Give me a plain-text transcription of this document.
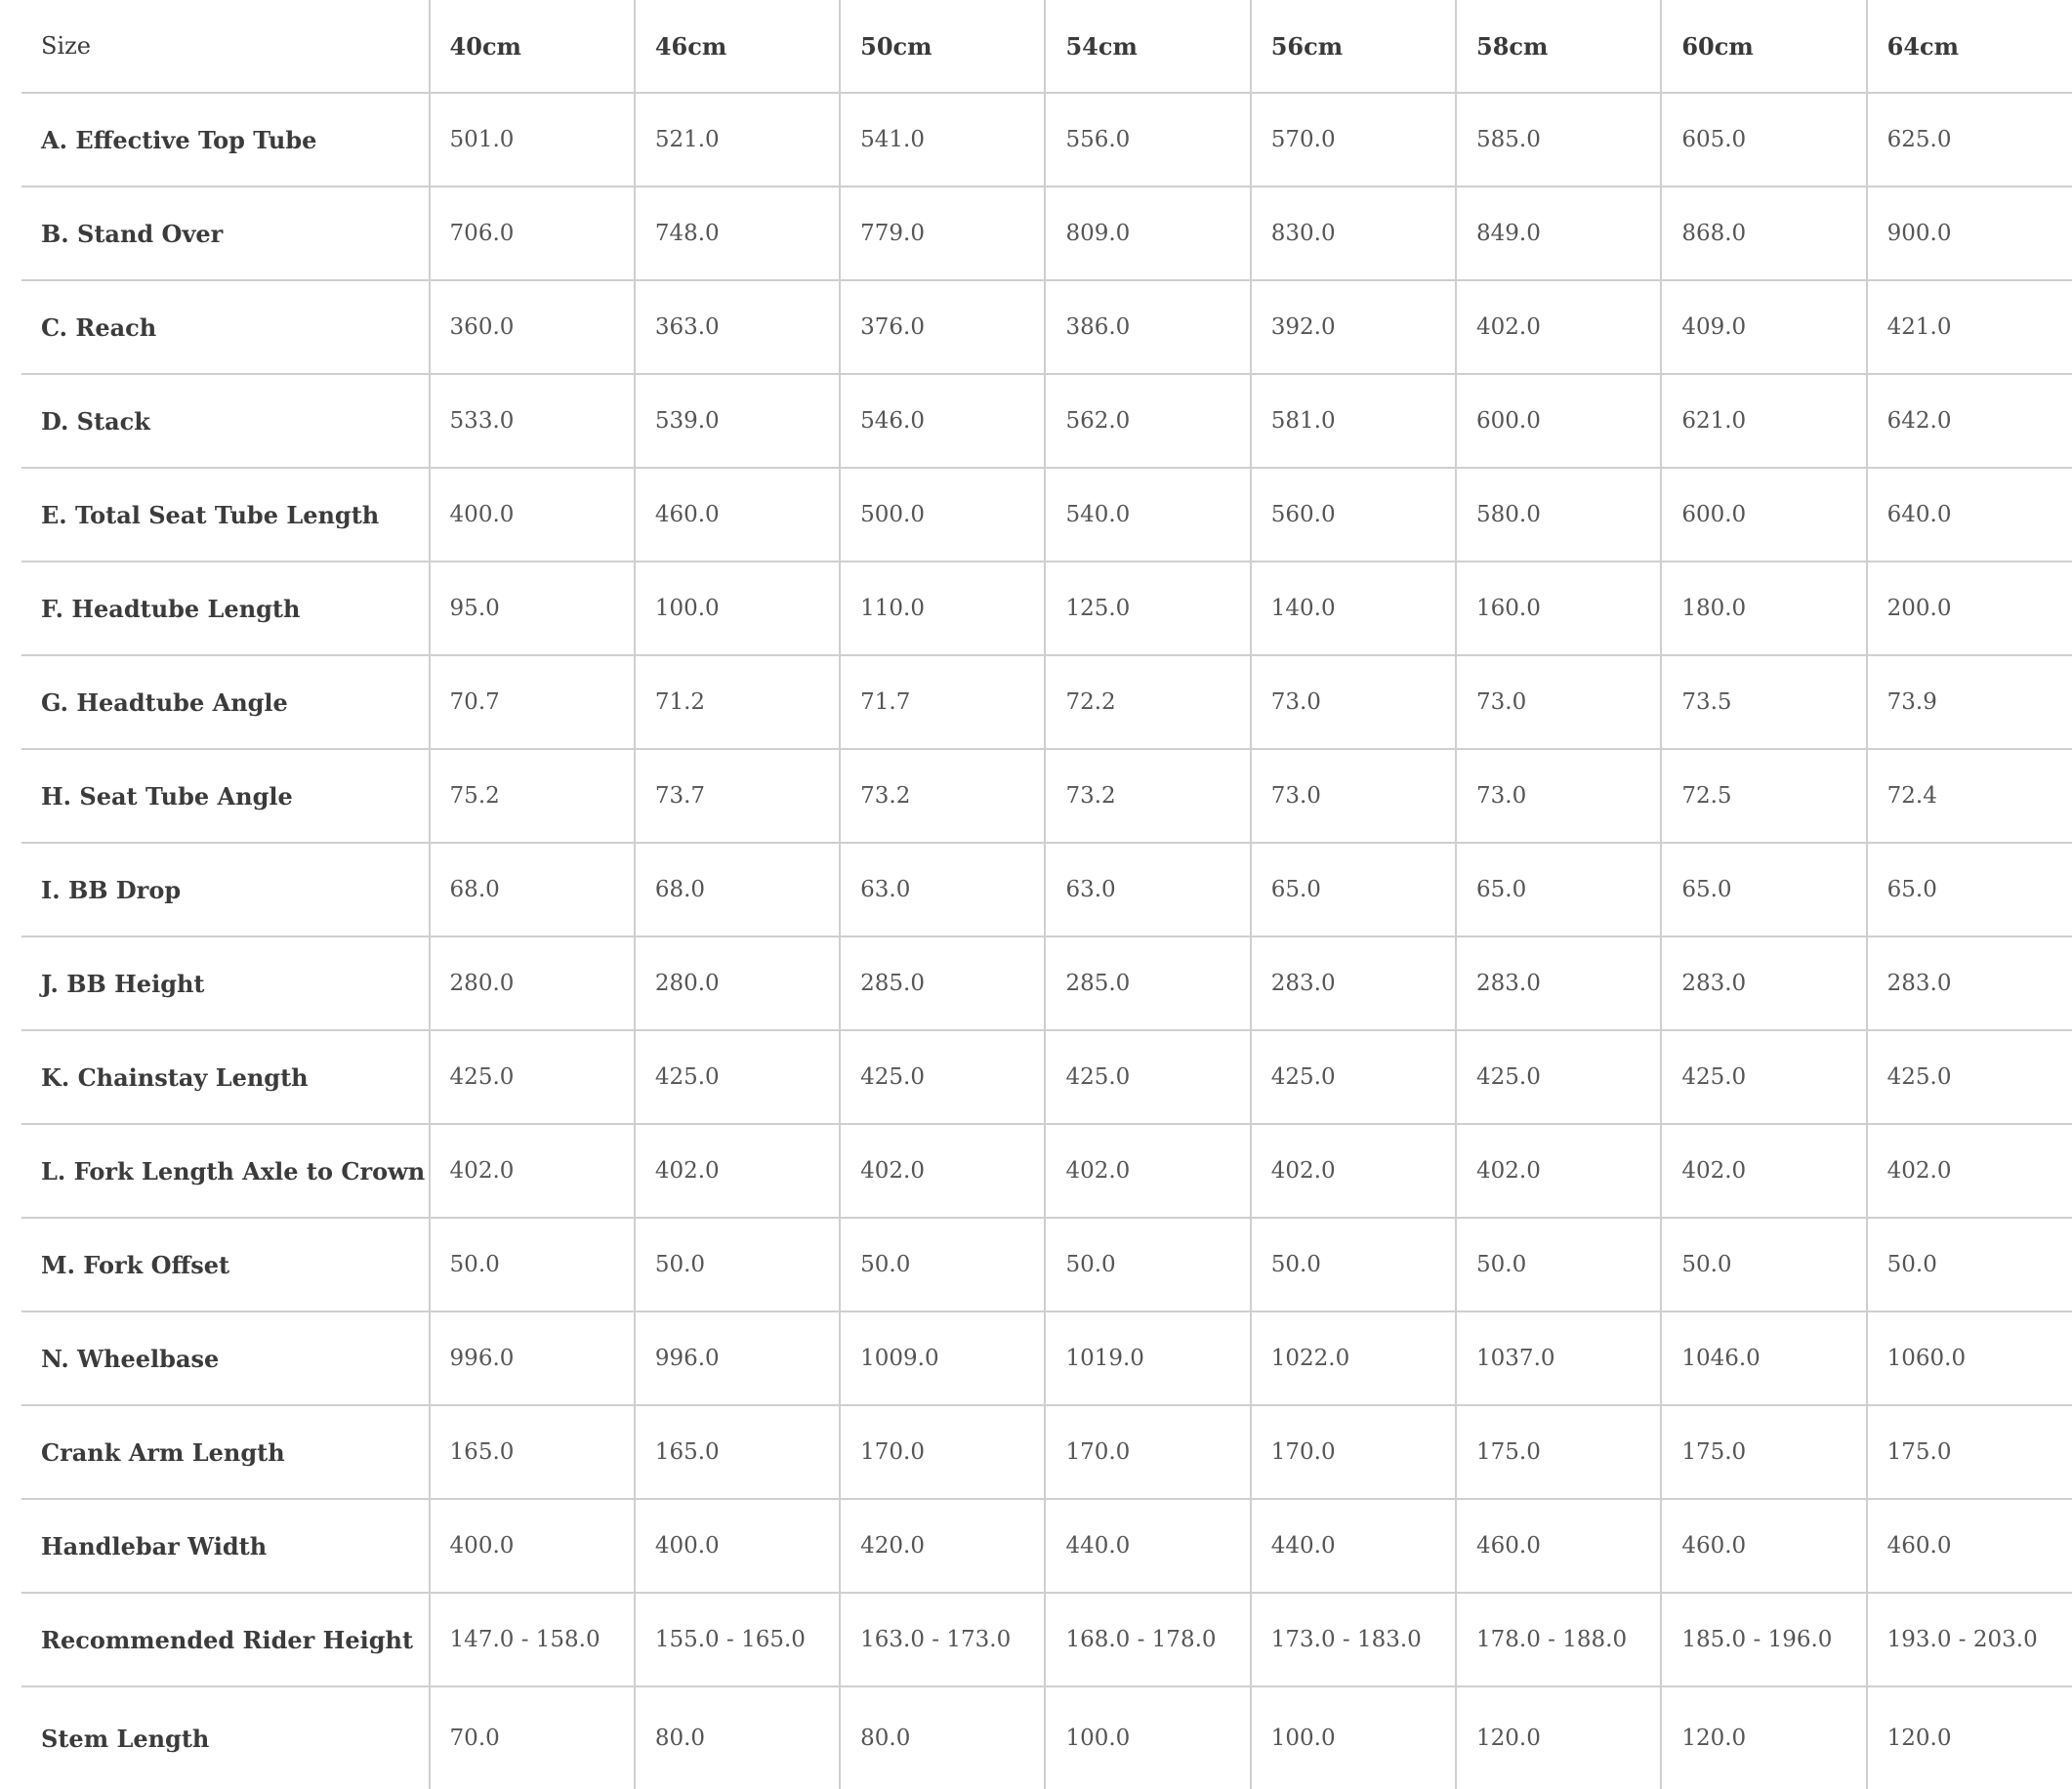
Size	40cm	46cm	50cm	54cm	56cm	58cm	60cm	64cm
A. Effective Top Tube	501.0	521.0	541.0	556.0	570.0	585.0	605.0	625.0
B. Stand Over	706.0	748.0	779.0	809.0	830.0	849.0	868.0	900.0
C. Reach	360.0	363.0	376.0	386.0	392.0	402.0	409.0	421.0
D. Stack	533.0	539.0	546.0	562.0	581.0	600.0	621.0	642.0
E. Total Seat Tube Length	400.0	460.0	500.0	540.0	560.0	580.0	600.0	640.0
F. Headtube Length	95.0	100.0	110.0	125.0	140.0	160.0	180.0	200.0
G. Headtube Angle	70.7	71.2	71.7	72.2	73.0	73.0	73.5	73.9
H. Seat Tube Angle	75.2	73.7	73.2	73.2	73.0	73.0	72.5	72.4
I. BB Drop	68.0	68.0	63.0	63.0	65.0	65.0	65.0	65.0
J. BB Height	280.0	280.0	285.0	285.0	283.0	283.0	283.0	283.0
K. Chainstay Length	425.0	425.0	425.0	425.0	425.0	425.0	425.0	425.0
L. Fork Length Axle to Crown	402.0	402.0	402.0	402.0	402.0	402.0	402.0	402.0
M. Fork Offset	50.0	50.0	50.0	50.0	50.0	50.0	50.0	50.0
N. Wheelbase	996.0	996.0	1009.0	1019.0	1022.0	1037.0	1046.0	1060.0
Crank Arm Length	165.0	165.0	170.0	170.0	170.0	175.0	175.0	175.0
Handlebar Width	400.0	400.0	420.0	440.0	440.0	460.0	460.0	460.0
Recommended Rider Height	147.0 - 158.0	155.0 - 165.0	163.0 - 173.0	168.0 - 178.0	173.0 - 183.0	178.0 - 188.0	185.0 - 196.0	193.0 - 203.0
Stem Length	70.0	80.0	80.0	100.0	100.0	120.0	120.0	120.0
